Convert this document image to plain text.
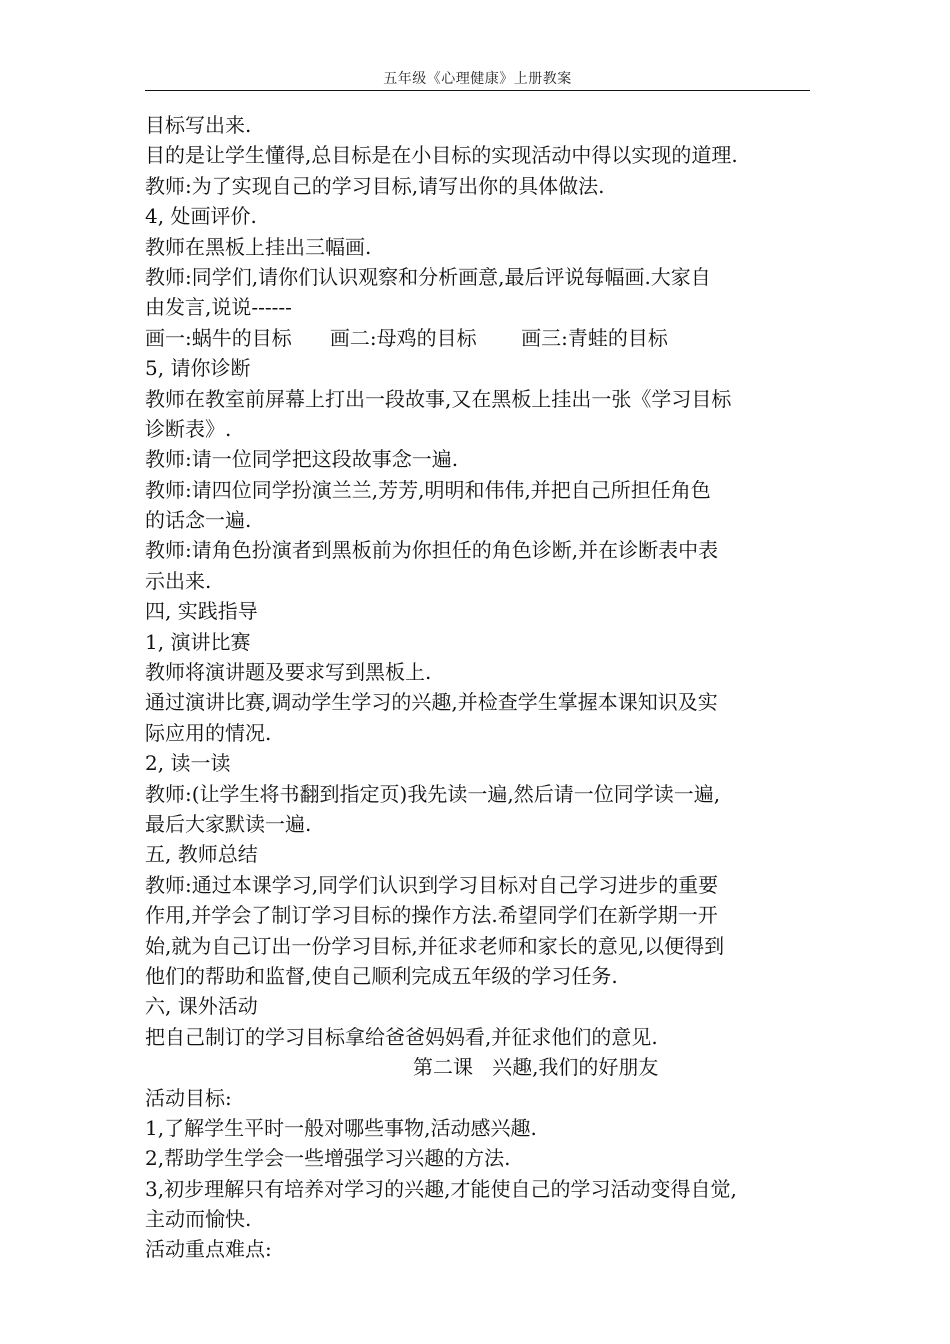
五年级《心理健康》上册教案
目标写出来.
目的是让学生懂得,总目标是在小目标的实现活动中得以实现的道理.
教师:为了实现自己的学习目标,请写出你的具体做法.
4, 处画评价.
教师在黑板上挂出三幅画.
教师:同学们,请你们认识观察和分析画意,最后评说每幅画.大家自
由发言,说说------
画一:蜗牛的目标      画二:母鸡的目标       画三:青蛙的目标
5, 请你诊断
教师在教室前屏幕上打出一段故事,又在黑板上挂出一张《学习目标
诊断表》.
教师:请一位同学把这段故事念一遍.
教师:请四位同学扮演兰兰,芳芳,明明和伟伟,并把自己所担任角色
的话念一遍.
教师:请角色扮演者到黑板前为你担任的角色诊断,并在诊断表中表
示出来.
四, 实践指导
1, 演讲比赛
教师将演讲题及要求写到黑板上.
通过演讲比赛,调动学生学习的兴趣,并检查学生掌握本课知识及实
际应用的情况.
2, 读一读
教师:(让学生将书翻到指定页)我先读一遍,然后请一位同学读一遍,
最后大家默读一遍.
五, 教师总结
教师:通过本课学习,同学们认识到学习目标对自己学习进步的重要
作用,并学会了制订学习目标的操作方法.希望同学们在新学期一开
始,就为自己订出一份学习目标,并征求老师和家长的意见,以便得到
他们的帮助和监督,使自己顺利完成五年级的学习任务.
六, 课外活动
把自己制订的学习目标拿给爸爸妈妈看,并征求他们的意见.
第二课   兴趣,我们的好朋友
活动目标:
1,了解学生平时一般对哪些事物,活动感兴趣.
2,帮助学生学会一些增强学习兴趣的方法.
3,初步理解只有培养对学习的兴趣,才能使自己的学习活动变得自觉,
主动而愉快.
活动重点难点:
